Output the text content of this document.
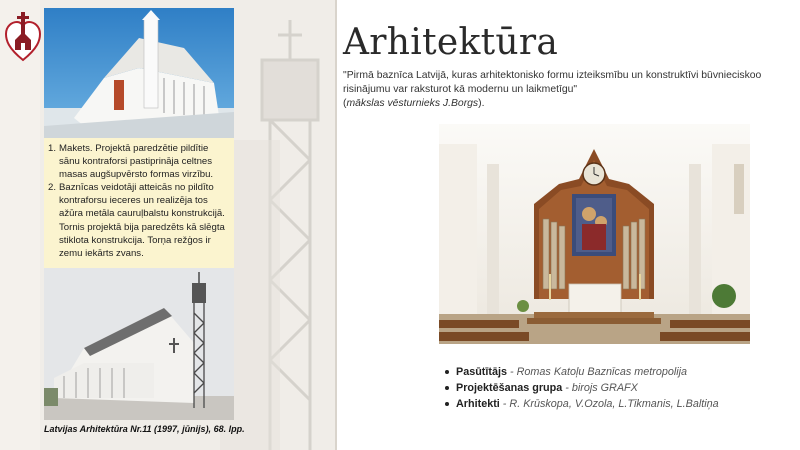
1. Makets. Projektā paredzētie pildītie sānu kontraforsi pastiprināja celtnes masas augšupvērsto formas virzību.
2. Baznīcas veidotāji atteicās no pildīto kontraforsu ieceres un realizēja tos ažūra metāla cauruļbalstu konstrukcijā. Tornis projektā bija paredzēts kā slēgta stiklota konstrukcija. Torņa režģos ir zemu iekārts zvans.
Latvijas Arhitektūra Nr.11 (1997, jūnijs), 68. lpp.
Arhitektūra

"Pirmā baznīca Latvijā, kuras arhitektonisko formu izteiksmību un konstruktīvi būvnieciskoo risinājumu var raksturot kā modernu un laikmetīgu"

(mākslas vēsturnieks J.Borgs).

Pasūtītājs - Romas Katoļu Baznīcas metropolija
Projektēšanas grupa - birojs GRAFX
Arhitekti - R. Krūskopa, V.Ozola, L.Tīkmanis, L.Baltiņa
